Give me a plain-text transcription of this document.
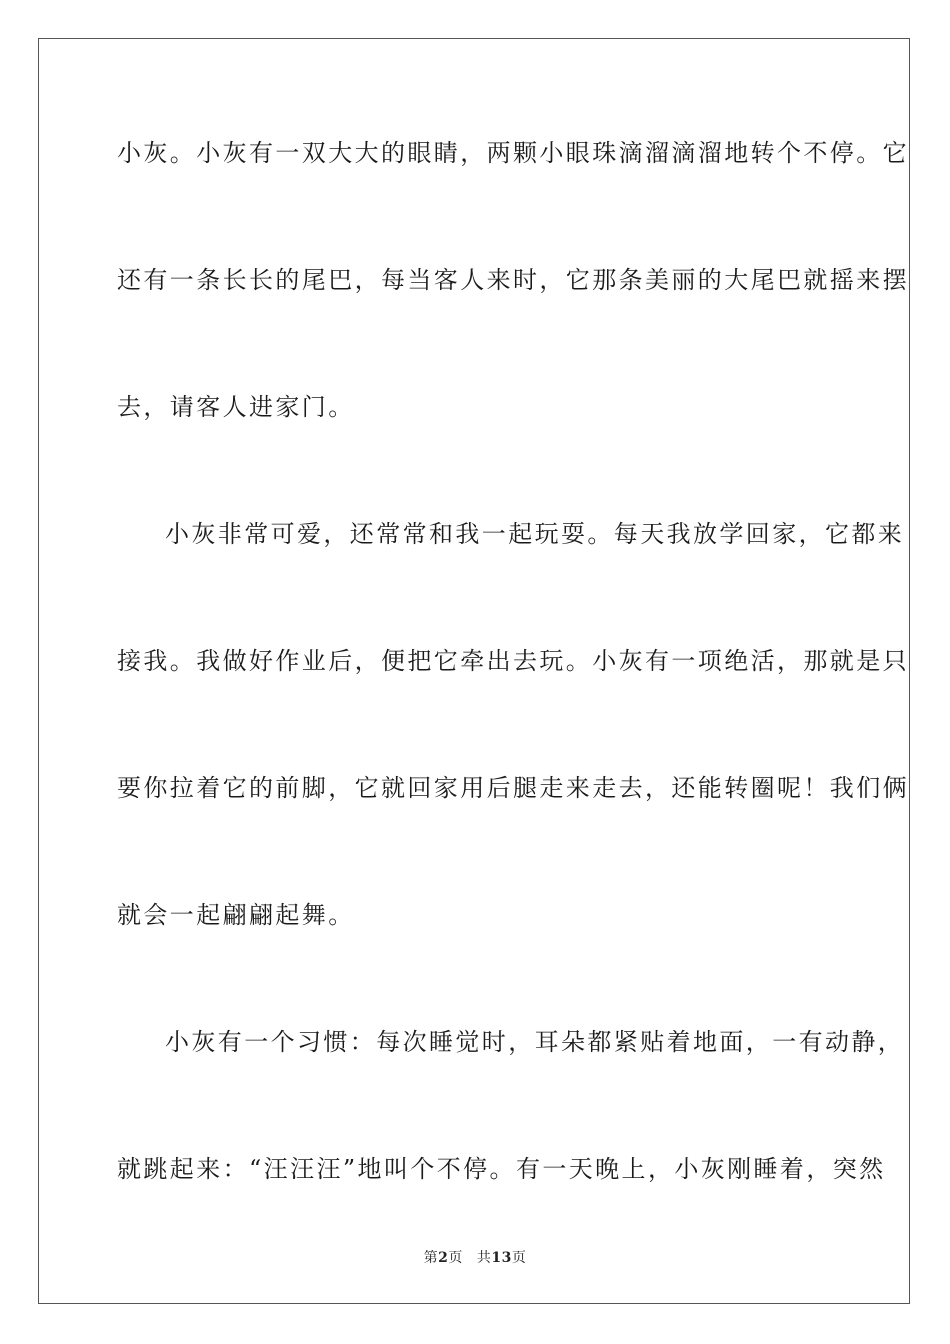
小灰。小灰有一双大大的眼睛，两颗小眼珠滴溜滴溜地转个不停。它
还有一条长长的尾巴，每当客人来时，它那条美丽的大尾巴就摇来摆
去，请客人进家门。
小灰非常可爱，还常常和我一起玩耍。每天我放学回家，它都来
接我。我做好作业后，便把它牵出去玩。小灰有一项绝活，那就是只
要你拉着它的前脚，它就回家用后腿走来走去，还能转圈呢！我们俩
就会一起翩翩起舞。
小灰有一个习惯：每次睡觉时，耳朵都紧贴着地面，一有动静，
就跳起来：“汪汪汪”地叫个不停。有一天晚上，小灰刚睡着，突然
第2页 共13页
